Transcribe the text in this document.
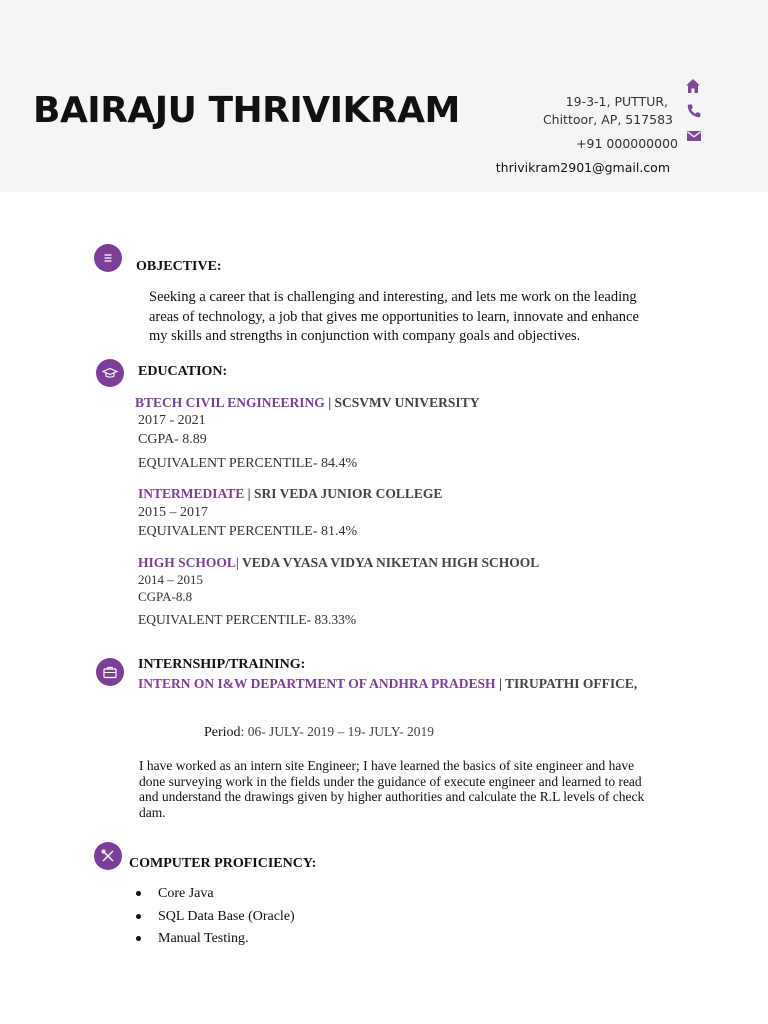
BAIRAJU THRIVIKRAM	19-3-1, PUTTUR,
Chittoor, AP, 517583
+91 000000000
thrivikram2901@gmail.com
OBJECTIVE:
Seeking a career that is challenging and interesting, and lets me work on the leading
areas of technology, a job that gives me opportunities to learn, innovate and enhance
my skills and strengths in conjunction with company goals and objectives.
EDUCATION:
BTECH CIVIL ENGINEERING | SCSVMV UNIVERSITY
2017 - 2021
CGPA- 8.89
EQUIVALENT PERCENTILE- 84.4%
INTERMEDIATE | SRI VEDA JUNIOR COLLEGE
2015 – 2017
EQUIVALENT PERCENTILE- 81.4%
HIGH SCHOOL| VEDA VYASA VIDYA NIKETAN HIGH SCHOOL
2014 – 2015
CGPA-8.8
EQUIVALENT PERCENTILE- 83.33%
INTERNSHIP/TRAINING:
INTERN ON I&W DEPARTMENT OF ANDHRA PRADESH | TIRUPATHI OFFICE,
Period: 06- JULY- 2019 – 19- JULY- 2019
I have worked as an intern site Engineer; I have learned the basics of site engineer and have
done surveying work in the fields under the guidance of execute engineer and learned to read
and understand the drawings given by higher authorities and calculate the R.L levels of check
dam.
COMPUTER PROFICIENCY:
Core Java
SQL Data Base (Oracle)
Manual Testing.
